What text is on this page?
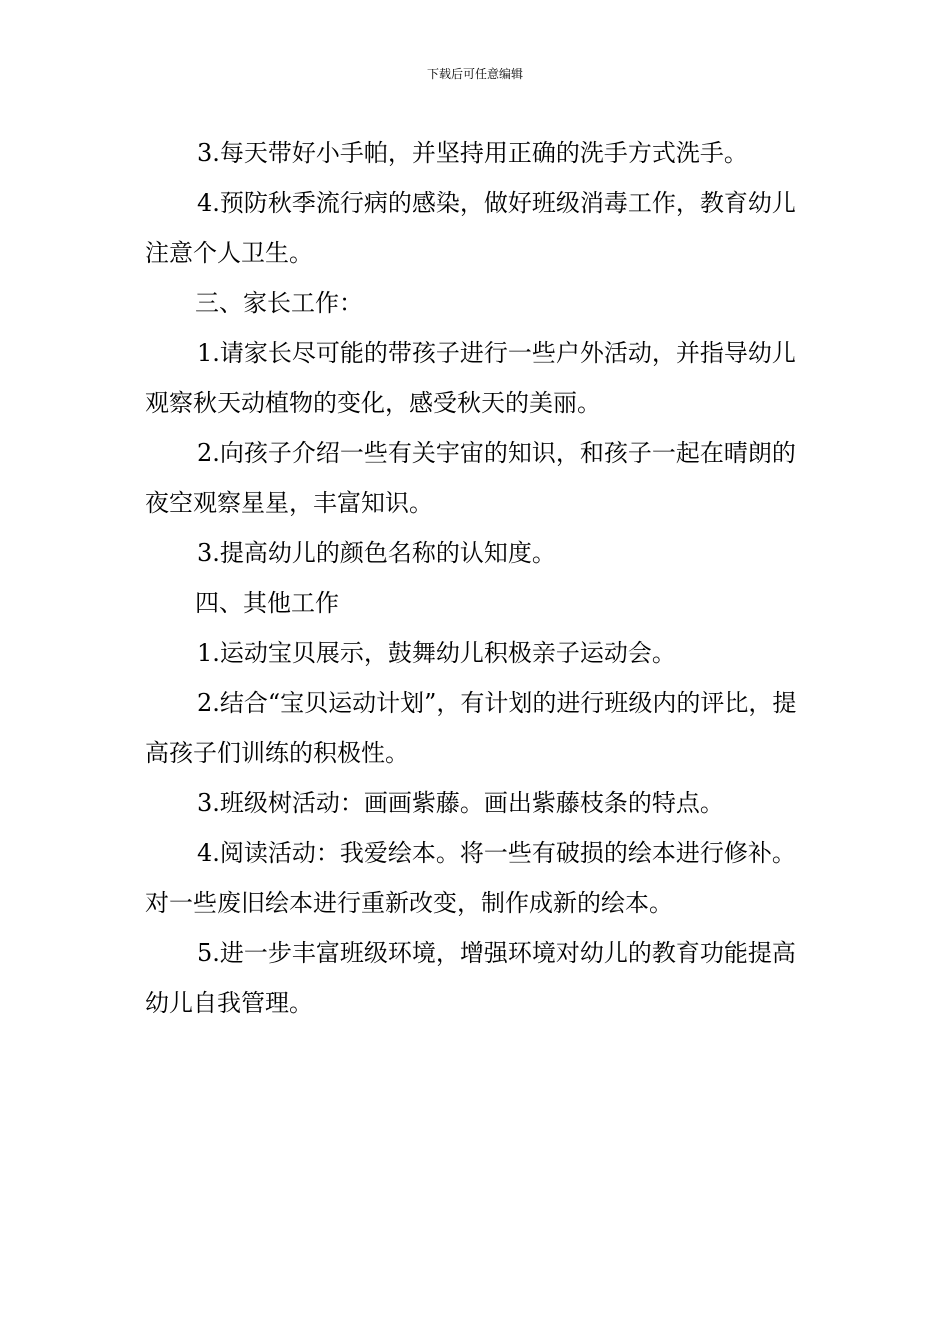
下载后可任意编辑

3.每天带好小手帕，并坚持用正确的洗手方式洗手。

4.预防秋季流行病的感染，做好班级消毒工作，教育幼儿注意个人卫生。

三、家长工作：

1.请家长尽可能的带孩子进行一些户外活动，并指导幼儿观察秋天动植物的变化，感受秋天的美丽。

2.向孩子介绍一些有关宇宙的知识，和孩子一起在晴朗的夜空观察星星，丰富知识。

3.提高幼儿的颜色名称的认知度。

四、其他工作

1.运动宝贝展示，鼓舞幼儿积极亲子运动会。

2.结合“宝贝运动计划”，有计划的进行班级内的评比，提高孩子们训练的积极性。

3.班级树活动：画画紫藤。画出紫藤枝条的特点。

4.阅读活动：我爱绘本。将一些有破损的绘本进行修补。对一些废旧绘本进行重新改变，制作成新的绘本。

5.进一步丰富班级环境，增强环境对幼儿的教育功能提高幼儿自我管理。
